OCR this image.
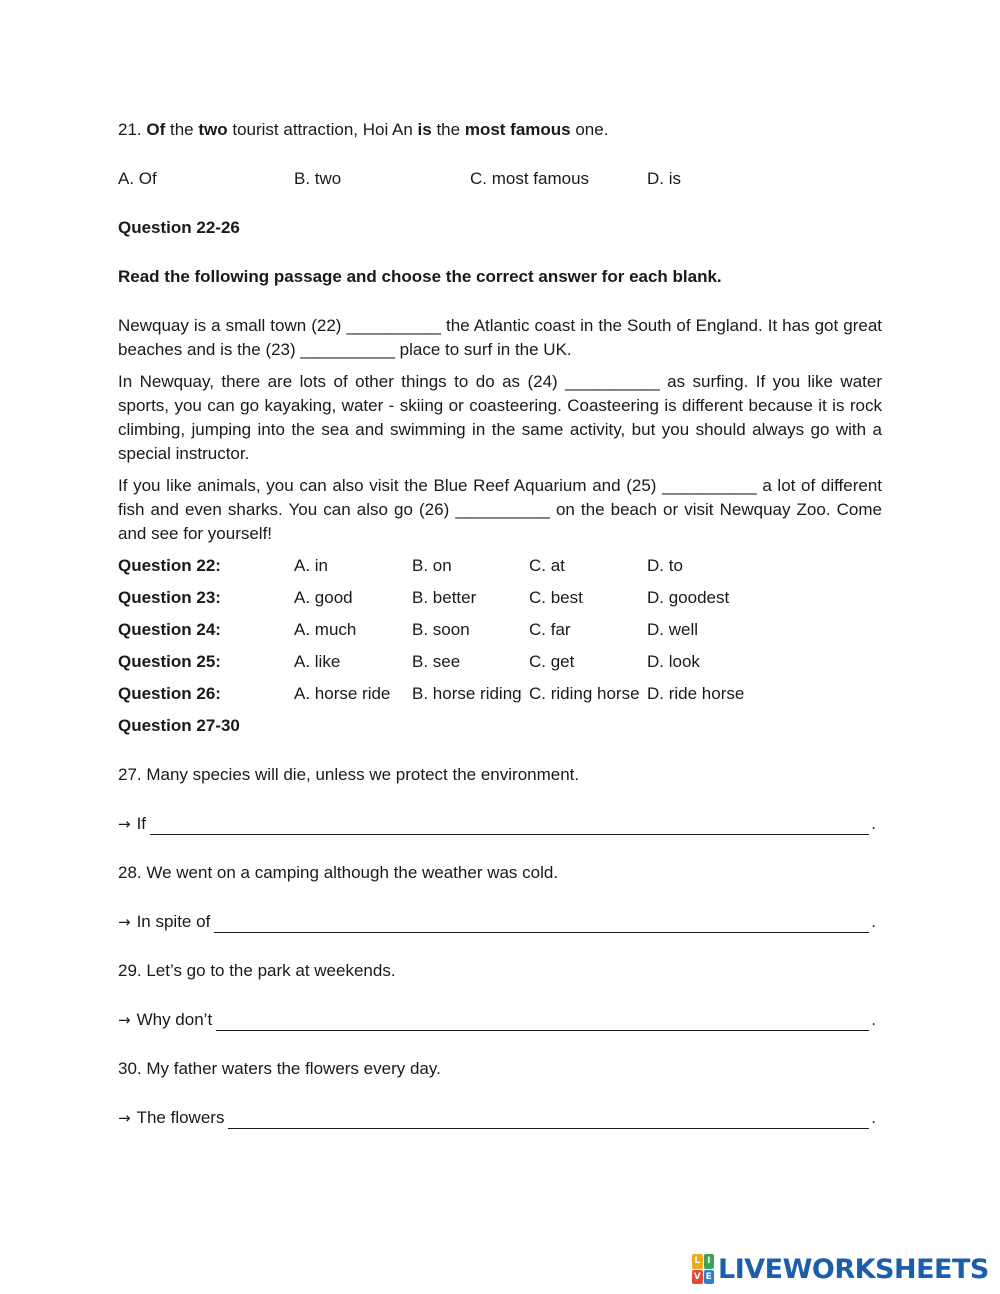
21. Of the two tourist attraction, Hoi An is the most famous one.
A. Of	B. two	C. most famous	D. is
Question 22-26
Read the following passage and choose the correct answer for each blank.
Newquay is a small town (22) __________ the Atlantic coast in the South of England. It has got great beaches and is the (23) __________ place to surf in the UK.
In Newquay, there are lots of other things to do as (24) __________ as surfing. If you like water sports, you can go kayaking, water - skiing or coasteering. Coasteering is different because it is rock climbing, jumping into the sea and swimming in the same activity, but you should always go with a special instructor.
If you like animals, you can also visit the Blue Reef Aquarium and (25) __________ a lot of different fish and even sharks. You can also go (26) __________ on the beach or visit Newquay Zoo. Come and see for yourself!
Question 22:	A. in	B. on	C. at	D. to
Question 23:	A. good	B. better	C. best	D. goodest
Question 24:	A. much	B. soon	C. far	D. well
Question 25:	A. like	B. see	C. get	D. look
Question 26:	A. horse ride B. horse riding C. riding horse D. ride horse
Question 27-30
27. Many species will die, unless we protect the environment.
→ If	.
28. We went on a camping although the weather was cold.
→ In spite of	.
29. Let’s go to the park at weekends.
→ Why don’t	.
30. My father waters the flowers every day.
→ The flowers	.
L I
V E LIVEWORKSHEETS
